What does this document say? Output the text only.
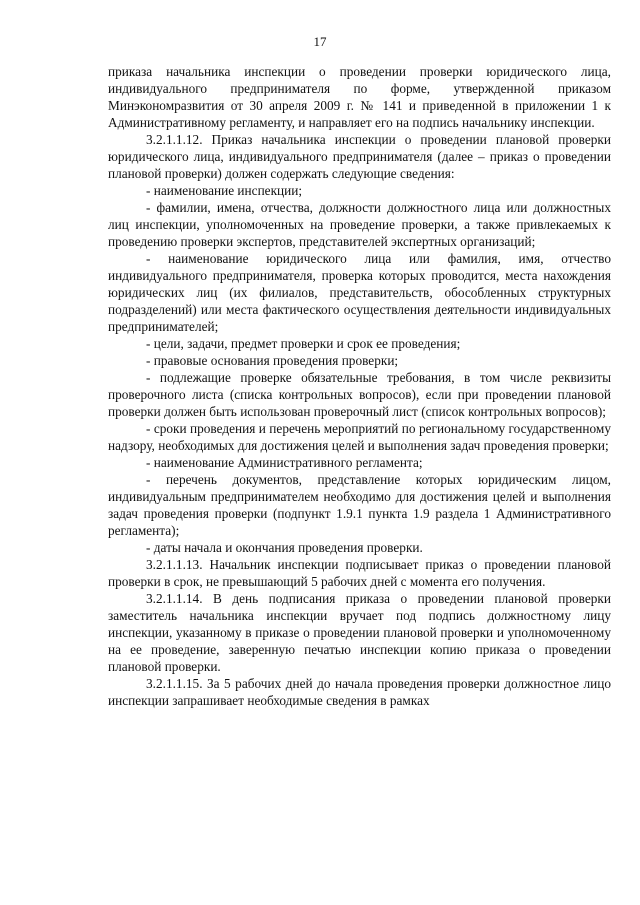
17

приказа начальника инспекции о проведении проверки юридического лица, индивидуального предпринимателя по форме, утвержденной приказом Минэкономразвития от 30 апреля 2009 г. № 141 и приведенной в приложении 1 к Административному регламенту, и направляет его на подпись начальнику инспекции.

3.2.1.1.12. Приказ начальника инспекции о проведении плановой проверки юридического лица, индивидуального предпринимателя (далее – приказ о проведении плановой проверки) должен содержать следующие сведения:

- наименование инспекции;

- фамилии, имена, отчества, должности должностного лица или должностных лиц инспекции, уполномоченных на проведение проверки, а также привлекаемых к проведению проверки экспертов, представителей экспертных организаций;

- наименование юридического лица или фамилия, имя, отчество индивидуального предпринимателя, проверка которых проводится, места нахождения юридических лиц (их филиалов, представительств, обособленных структурных подразделений) или места фактического осуществления деятельности индивидуальных предпринимателей;

- цели, задачи, предмет проверки и срок ее проведения;

- правовые основания проведения проверки;

- подлежащие проверке обязательные требования, в том числе реквизиты проверочного листа (списка контрольных вопросов), если при проведении плановой проверки должен быть использован проверочный лист (список контрольных вопросов);

- сроки проведения и перечень мероприятий по региональному государственному надзору, необходимых для достижения целей и выполнения задач проведения проверки;

- наименование Административного регламента;

- перечень документов, представление которых юридическим лицом, индивидуальным предпринимателем необходимо для достижения целей и выполнения задач проведения проверки (подпункт 1.9.1 пункта 1.9 раздела 1 Административного регламента);

- даты начала и окончания проведения проверки.

3.2.1.1.13. Начальник инспекции подписывает приказ о проведении плановой проверки в срок, не превышающий 5 рабочих дней с момента его получения.

3.2.1.1.14. В день подписания приказа о проведении плановой проверки заместитель начальника инспекции вручает под подпись должностному лицу инспекции, указанному в приказе о проведении плановой проверки и уполномоченному на ее проведение, заверенную печатью инспекции копию приказа о проведении плановой проверки.

3.2.1.1.15. За 5 рабочих дней до начала проведения проверки должностное лицо инспекции запрашивает необходимые сведения в рамках
